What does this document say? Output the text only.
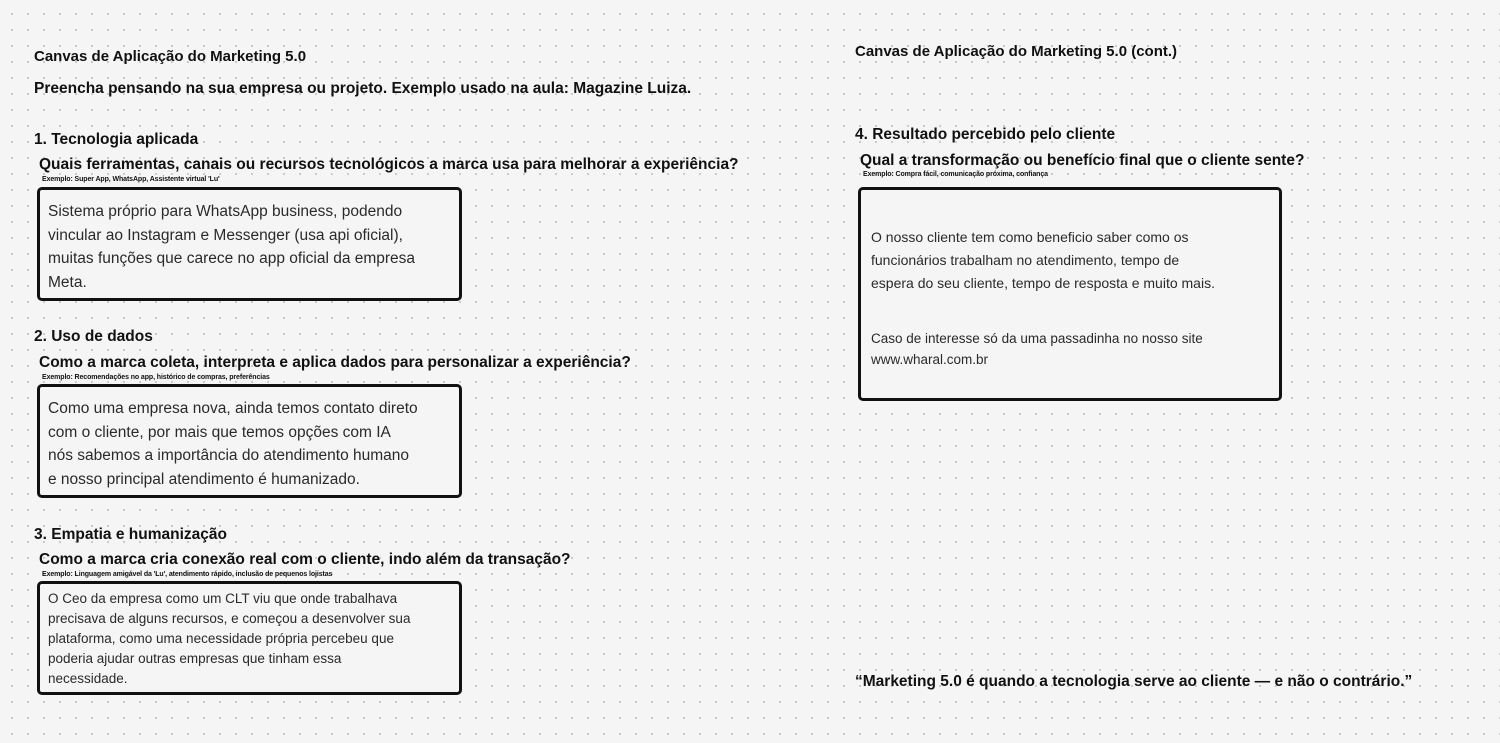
Canvas de Aplicação do Marketing 5.0

Preencha pensando na sua empresa ou projeto. Exemplo usado na aula: Magazine Luiza.

1. Tecnologia aplicada

Quais ferramentas, canais ou recursos tecnológicos a marca usa para melhorar a experiência?

Exemplo: Super App, WhatsApp, Assistente virtual 'Lu'

Sistema próprio para WhatsApp business, podendo
vincular ao Instagram e Messenger (usa api oficial),
muitas funções que carece no app oficial da empresa
Meta.

2. Uso de dados

Como a marca coleta, interpreta e aplica dados para personalizar a experiência?

Exemplo: Recomendações no app, histórico de compras, preferências

Como uma empresa nova, ainda temos contato direto
com o cliente, por mais que temos opções com IA
nós sabemos a importância do atendimento humano
e nosso principal atendimento é humanizado.

3. Empatia e humanização

Como a marca cria conexão real com o cliente, indo além da transação?

Exemplo: Linguagem amigável da 'Lu', atendimento rápido, inclusão de pequenos lojistas

O Ceo da empresa como um CLT viu que onde trabalhava
precisava de alguns recursos, e começou a desenvolver sua
plataforma, como uma necessidade própria percebeu que
poderia ajudar outras empresas que tinham essa
necessidade.

Canvas de Aplicação do Marketing 5.0 (cont.)

4. Resultado percebido pelo cliente

Qual a transformação ou benefício final que o cliente sente?

Exemplo: Compra fácil, comunicação próxima, confiança

O nosso cliente tem como beneficio saber como os
funcionários trabalham no atendimento, tempo de
espera do seu cliente, tempo de resposta e muito mais.

Caso de interesse só da uma passadinha no nosso site
www.wharal.com.br

“Marketing 5.0 é quando a tecnologia serve ao cliente — e não o contrário.”
